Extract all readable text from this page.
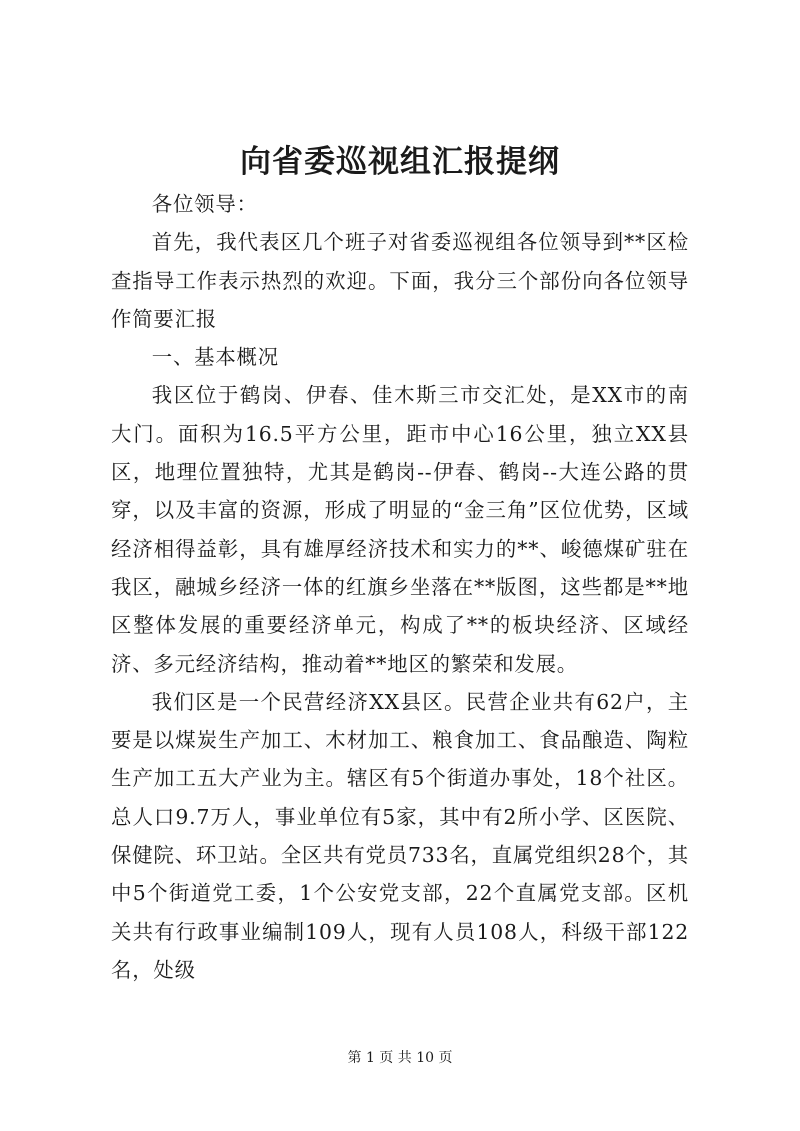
向省委巡视组汇报提纲

各位领导：

首先，我代表区几个班子对省委巡视组各位领导到**区检查指导工作表示热烈的欢迎。下面，我分三个部份向各位领导作简要汇报

一、基本概况

我区位于鹤岗、伊春、佳木斯三市交汇处，是XX市的南大门。面积为16.5平方公里，距市中心16公里，独立XX县区，地理位置独特，尤其是鹤岗--伊春、鹤岗--大连公路的贯穿，以及丰富的资源，形成了明显的“金三角”区位优势，区域经济相得益彰，具有雄厚经济技术和实力的**、峻德煤矿驻在我区，融城乡经济一体的红旗乡坐落在**版图，这些都是**地区整体发展的重要经济单元，构成了**的板块经济、区域经济、多元经济结构，推动着**地区的繁荣和发展。

我们区是一个民营经济XX县区。民营企业共有62户，主要是以煤炭生产加工、木材加工、粮食加工、食品酿造、陶粒生产加工五大产业为主。辖区有5个街道办事处，18个社区。总人口9.7万人，事业单位有5家，其中有2所小学、区医院、保健院、环卫站。全区共有党员733名，直属党组织28个，其中5个街道党工委，1个公安党支部，22个直属党支部。区机关共有行政事业编制109人，现有人员108人，科级干部122名，处级

第 1 页 共 10 页
